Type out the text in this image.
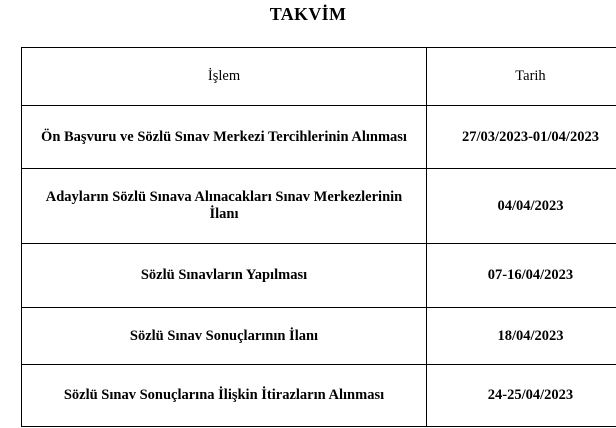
TAKVİM
İşlem	Tarih
Ön Başvuru ve Sözlü Sınav Merkezi Tercihlerinin Alınması	27/03/2023-01/04/2023
Adayların Sözlü Sınava Alınacakları Sınav Merkezlerinin İlanı	04/04/2023
Sözlü Sınavların Yapılması	07-16/04/2023
Sözlü Sınav Sonuçlarının İlanı	18/04/2023
Sözlü Sınav Sonuçlarına İlişkin İtirazların Alınması	24-25/04/2023
